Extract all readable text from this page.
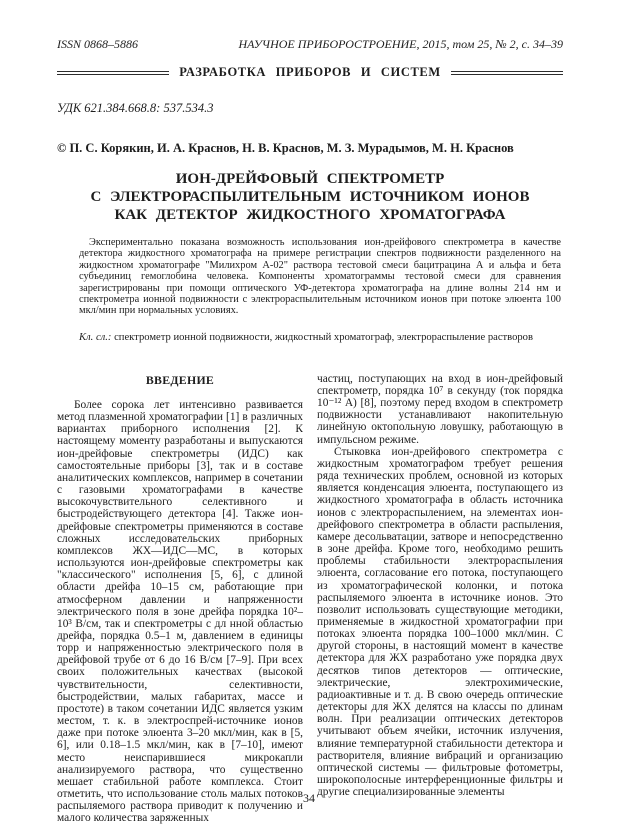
ISSN 0868–5886	НАУЧНОЕ ПРИБОРОСТРОЕНИЕ, 2015, том 25, № 2, с. 34–39
РАЗРАБОТКА ПРИБОРОВ И СИСТЕМ
УДК 621.384.668.8: 537.534.3
© П. С. Корякин, И. А. Краснов, Н. В. Краснов, М. З. Мурадымов, М. Н. Краснов
ИОН-ДРЕЙФОВЫЙ СПЕКТРОМЕТР
С ЭЛЕКТРОРАСПЫЛИТЕЛЬНЫМ ИСТОЧНИКОМ ИОНОВ
КАК ДЕТЕКТОР ЖИДКОСТНОГО ХРОМАТОГРАФА
Экспериментально показана возможность использования ион-дрейфового спектрометра в качестве детектора жидкостного хроматографа на примере регистрации спектров подвижности разделенного на жидкостном хроматографе "Милихром А-02" раствора тестовой смеси бацитрацина А и альфа и бета субъединиц гемоглобина человека. Компоненты хроматограммы тестовой смеси для сравнения зарегистрированы при помощи оптического УФ-детектора хроматографа на длине волны 214 нм и спектрометра ионной подвижности с электрораспылительным источником ионов при потоке элюента 100 мкл/мин при нормальных условиях.
Кл. сл.: спектрометр ионной подвижности, жидкостный хроматограф, электрораспыление растворов
ВВЕДЕНИЕ

Более сорока лет интенсивно развивается метод плазменной хроматографии [1] в различных вариантах приборного исполнения [2]. К настоящему моменту разработаны и выпускаются ион-дрейфовые спектрометры (ИДС) как самостоятельные приборы [3], так и в составе аналитических комплексов, например в сочетании с газовыми хроматографами в качестве высокочувствительного селективного и быстродействующего детектора [4]. Также ион-дрейфовые спектрометры применяются в составе сложных исследовательских приборных комплексов ЖХ—ИДС—МС, в которых используются ион-дрейфовые спектрометры как "классического" исполнения [5, 6], с длиной области дрейфа 10–15 см, работающие при атмосферном давлении и напряженности электрического поля в зоне дрейфа порядка 10²–10³ В/см, так и спектрометры с дл нной областью дрейфа, порядка 0.5–1 м, давлением в единицы торр и напряженностью электрического поля в дрейфовой трубе от 6 до 16 В/см [7–9]. При всех своих положительных качествах (высокой чувствительности, селективности, быстродействии, малых габаритах, массе и простоте) в таком сочетании ИДС является узким местом, т. к. в электроспрей-источнике ионов даже при потоке элюента 3–20 мкл/мин, как в [5, 6], или 0.18–1.5 мкл/мин, как в [7–10], имеют место неиспарившиеся микрокапли анализируемого раствора, что существенно мешает стабильной работе комплекса. Стоит отметить, что использование столь малых потоков распыляемого раствора приводит к получению и малого количества заряженных

частиц, поступающих на вход в ион-дрейфовый спектрометр, порядка 10⁷ в секунду (ток порядка 10⁻¹² А) [8], поэтому перед входом в спектрометр подвижности устанавливают накопительную линейную октопольную ловушку, работающую в импульсном режиме.

Стыковка ион-дрейфового спектрометра с жидкостным хроматографом требует решения ряда технических проблем, основной из которых является конденсация элюента, поступающего из жидкостного хроматографа в область источника ионов с электрораспылением, на элементах ион-дрейфового спектрометра в области распыления, камере десольватации, затворе и непосредственно в зоне дрейфа. Кроме того, необходимо решить проблемы стабильности электрораспыления элюента, согласование его потока, поступающего из хроматографической колонки, и потока распыляемого элюента в источнике ионов. Это позволит использовать существующие методики, применяемые в жидкостной хроматографии при потоках элюента порядка 100–1000 мкл/мин. С другой стороны, в настоящий момент в качестве детектора для ЖХ разработано уже порядка двух десятков типов детекторов — оптические, электрические, электрохимические, радиоактивные и т. д. В свою очередь оптические детекторы для ЖХ делятся на классы по длинам волн. При реализации оптических детекторов учитывают объем ячейки, источник излучения, влияние температурной стабильности детектора и растворителя, влияние вибраций и организацию оптической системы — фильтровые фотометры, широкополосные интерференционные фильтры и другие специализированные элементы

34
